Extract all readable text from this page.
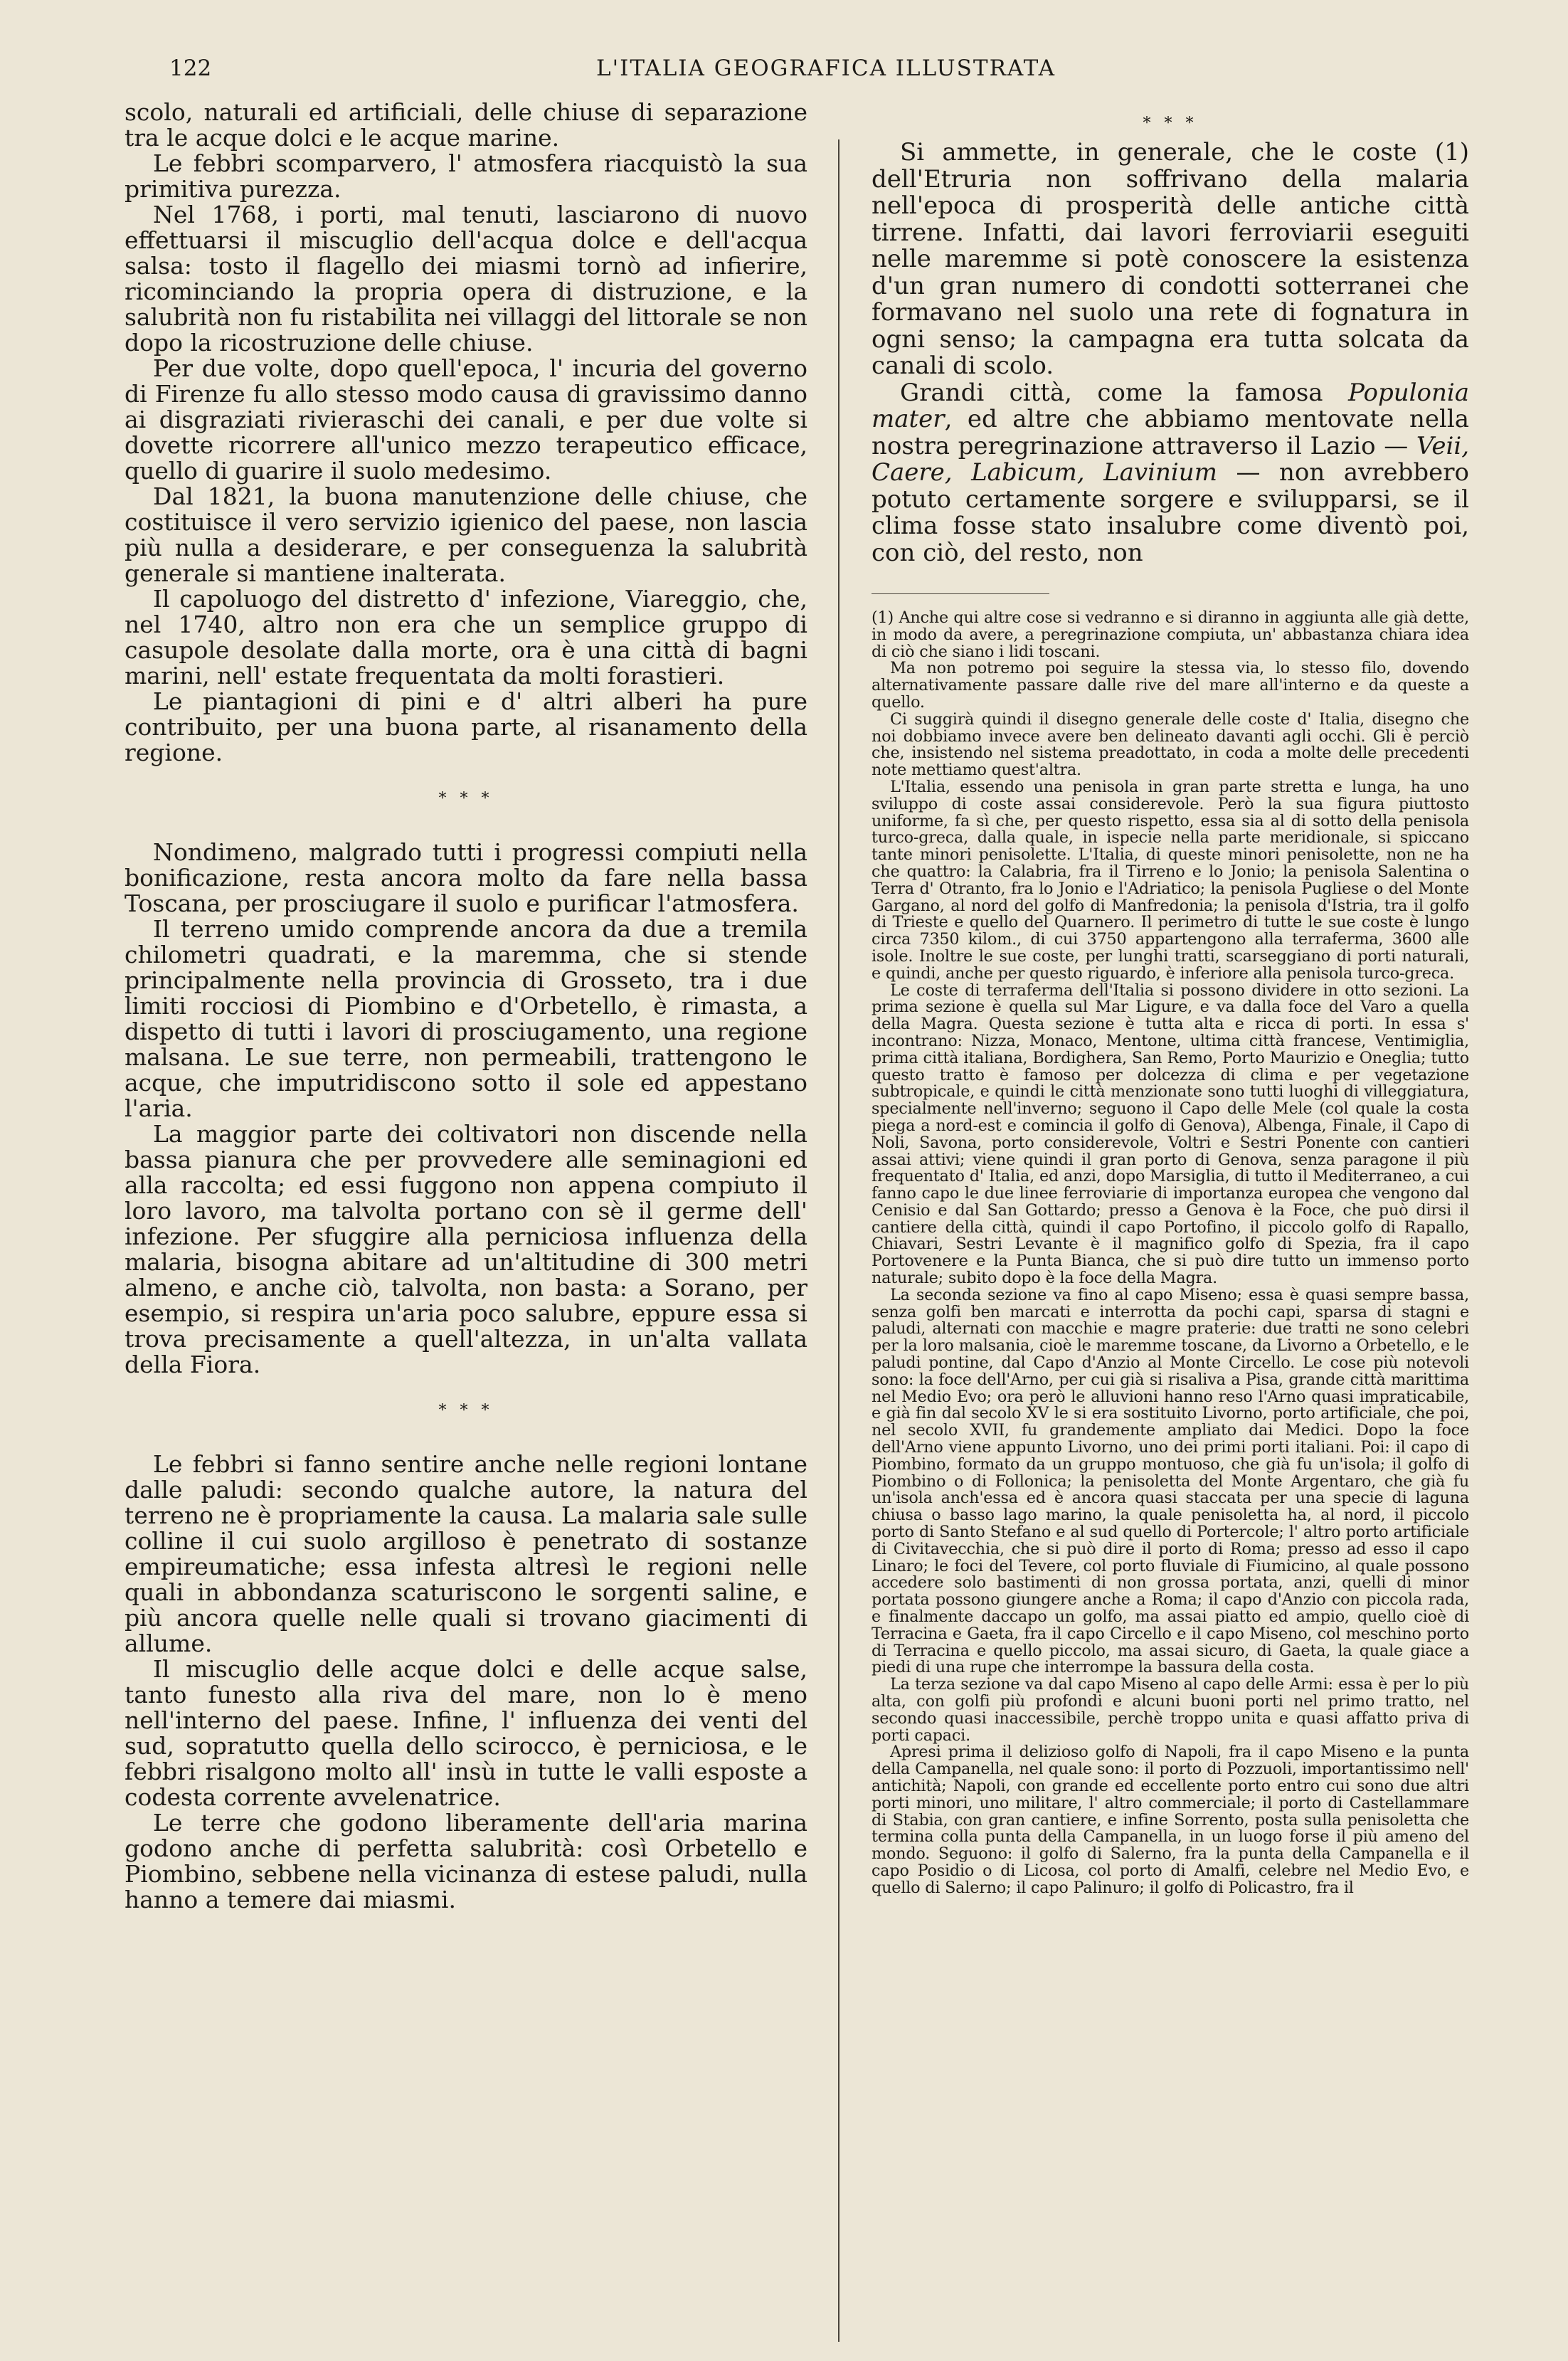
122	L'ITALIA GEOGRAFICA ILLUSTRATA

scolo, naturali ed artificiali, delle chiuse di separazione tra le acque dolci e le acque marine.

Le febbri scomparvero, l' atmosfera riacquistò la sua primitiva purezza.

Nel 1768, i porti, mal tenuti, lasciarono di nuovo effettuarsi il miscuglio dell'acqua dolce e dell'acqua salsa: tosto il flagello dei miasmi tornò ad infierire, ricominciando la propria opera di distruzione, e la salubrità non fu ristabilita nei villaggi del littorale se non dopo la ricostruzione delle chiuse.

Per due volte, dopo quell'epoca, l' incuria del governo di Firenze fu allo stesso modo causa di gravissimo danno ai disgraziati rivieraschi dei canali, e per due volte si dovette ricorrere all'unico mezzo terapeutico efficace, quello di guarire il suolo medesimo.

Dal 1821, la buona manutenzione delle chiuse, che costituisce il vero servizio igienico del paese, non lascia più nulla a desiderare, e per conseguenza la salubrità generale si mantiene inalterata.

Il capoluogo del distretto d' infezione, Viareggio, che, nel 1740, altro non era che un semplice gruppo di casupole desolate dalla morte, ora è una città di bagni marini, nell' estate frequentata da molti forastieri.

Le piantagioni di pini e d' altri alberi ha pure contribuito, per una buona parte, al risanamento della regione.

* * *

Nondimeno, malgrado tutti i progressi compiuti nella bonificazione, resta ancora molto da fare nella bassa Toscana, per prosciugare il suolo e purificar l'atmosfera.

Il terreno umido comprende ancora da due a tremila chilometri quadrati, e la maremma, che si stende principalmente nella provincia di Grosseto, tra i due limiti rocciosi di Piombino e d'Orbetello, è rimasta, a dispetto di tutti i lavori di prosciugamento, una regione malsana. Le sue terre, non permeabili, trattengono le acque, che imputridiscono sotto il sole ed appestano l'aria.

La maggior parte dei coltivatori non discende nella bassa pianura che per provvedere alle seminagioni ed alla raccolta; ed essi fuggono non appena compiuto il loro lavoro, ma talvolta portano con sè il germe dell' infezione. Per sfuggire alla perniciosa influenza della malaria, bisogna abitare ad un'altitudine di 300 metri almeno, e anche ciò, talvolta, non basta: a Sorano, per esempio, si respira un'aria poco salubre, eppure essa si trova precisamente a quell'altezza, in un'alta vallata della Fiora.

* * *

Le febbri si fanno sentire anche nelle regioni lontane dalle paludi: secondo qualche autore, la natura del terreno ne è propriamente la causa. La malaria sale sulle colline il cui suolo argilloso è penetrato di sostanze empireumatiche; essa infesta altresì le regioni nelle quali in abbondanza scaturiscono le sorgenti saline, e più ancora quelle nelle quali si trovano giacimenti di allume.

Il miscuglio delle acque dolci e delle acque salse, tanto funesto alla riva del mare, non lo è meno nell'interno del paese. Infine, l' influenza dei venti del sud, sopratutto quella dello scirocco, è perniciosa, e le febbri risalgono molto all' insù in tutte le valli esposte a codesta corrente avvelenatrice.

Le terre che godono liberamente dell'aria marina godono anche di perfetta salubrità: così Orbetello e Piombino, sebbene nella vicinanza di estese paludi, nulla hanno a temere dai miasmi.

* * *

Si ammette, in generale, che le coste (1) dell'Etruria non soffrivano della malaria nell'epoca di prosperità delle antiche città tirrene. Infatti, dai lavori ferroviarii eseguiti nelle maremme si potè conoscere la esistenza d'un gran numero di condotti sotterranei che formavano nel suolo una rete di fognatura in ogni senso; la campagna era tutta solcata da canali di scolo.

Grandi città, come la famosa Populonia mater, ed altre che abbiamo mentovate nella nostra peregrinazione attraverso il Lazio — Veii, Caere, Labicum, Lavinium — non avrebbero potuto certamente sorgere e svilupparsi, se il clima fosse stato insalubre come diventò poi, con ciò, del resto, non

(1) Anche qui altre cose si vedranno e si diranno in aggiunta alle già dette, in modo da avere, a peregrinazione compiuta, un' abbastanza chiara idea di ciò che siano i lidi toscani.

Ma non potremo poi seguire la stessa via, lo stesso filo, dovendo alternativamente passare dalle rive del mare all'interno e da queste a quello.

Ci suggirà quindi il disegno generale delle coste d' Italia, disegno che noi dobbiamo invece avere ben delineato davanti agli occhi. Gli è perciò che, insistendo nel sistema preadottato, in coda a molte delle precedenti note mettiamo quest'altra.

L'Italia, essendo una penisola in gran parte stretta e lunga, ha uno sviluppo di coste assai considerevole. Però la sua figura piuttosto uniforme, fa sì che, per questo rispetto, essa sia al di sotto della penisola turco-greca, dalla quale, in ispecie nella parte meridionale, si spiccano tante minori penisolette. L'Italia, di queste minori penisolette, non ne ha che quattro: la Calabria, fra il Tirreno e lo Jonio; la penisola Salentina o Terra d' Otranto, fra lo Jonio e l'Adriatico; la penisola Pugliese o del Monte Gargano, al nord del golfo di Manfredonia; la penisola d'Istria, tra il golfo di Trieste e quello del Quarnero. Il perimetro di tutte le sue coste è lungo circa 7350 kilom., di cui 3750 appartengono alla terraferma, 3600 alle isole. Inoltre le sue coste, per lunghi tratti, scarseggiano di porti naturali, e quindi, anche per questo riguardo, è inferiore alla penisola turco-greca.

Le coste di terraferma dell'Italia si possono dividere in otto sezioni. La prima sezione è quella sul Mar Ligure, e va dalla foce del Varo a quella della Magra. Questa sezione è tutta alta e ricca di porti. In essa s' incontrano: Nizza, Monaco, Mentone, ultima città francese, Ventimiglia, prima città italiana, Bordighera, San Remo, Porto Maurizio e Oneglia; tutto questo tratto è famoso per dolcezza di clima e per vegetazione subtropicale, e quindi le città menzionate sono tutti luoghi di villeggiatura, specialmente nell'inverno; seguono il Capo delle Mele (col quale la costa piega a nord-est e comincia il golfo di Genova), Albenga, Finale, il Capo di Noli, Savona, porto considerevole, Voltri e Sestri Ponente con cantieri assai attivi; viene quindi il gran porto di Genova, senza paragone il più frequentato d' Italia, ed anzi, dopo Marsiglia, di tutto il Mediterraneo, a cui fanno capo le due linee ferroviarie di importanza europea che vengono dal Cenisio e dal San Gottardo; presso a Genova è la Foce, che può dirsi il cantiere della città, quindi il capo Portofino, il piccolo golfo di Rapallo, Chiavari, Sestri Levante è il magnifico golfo di Spezia, fra il capo Portovenere e la Punta Bianca, che si può dire tutto un immenso porto naturale; subito dopo è la foce della Magra.

La seconda sezione va fino al capo Miseno; essa è quasi sempre bassa, senza golfi ben marcati e interrotta da pochi capi, sparsa di stagni e paludi, alternati con macchie e magre praterie: due tratti ne sono celebri per la loro malsania, cioè le maremme toscane, da Livorno a Orbetello, e le paludi pontine, dal Capo d'Anzio al Monte Circello. Le cose più notevoli sono: la foce dell'Arno, per cui già si risaliva a Pisa, grande città marittima nel Medio Evo; ora però le alluvioni hanno reso l'Arno quasi impraticabile, e già fin dal secolo XV le si era sostituito Livorno, porto artificiale, che poi, nel secolo XVII, fu grandemente ampliato dai Medici. Dopo la foce dell'Arno viene appunto Livorno, uno dei primi porti italiani. Poi: il capo di Piombino, formato da un gruppo montuoso, che già fu un'isola; il golfo di Piombino o di Follonica; la penisoletta del Monte Argentaro, che già fu un'isola anch'essa ed è ancora quasi staccata per una specie di laguna chiusa o basso lago marino, la quale penisoletta ha, al nord, il piccolo porto di Santo Stefano e al sud quello di Portercole; l' altro porto artificiale di Civitavecchia, che si può dire il porto di Roma; presso ad esso il capo Linaro; le foci del Tevere, col porto fluviale di Fiumicino, al quale possono accedere solo bastimenti di non grossa portata, anzi, quelli di minor portata possono giungere anche a Roma; il capo d'Anzio con piccola rada, e finalmente daccapo un golfo, ma assai piatto ed ampio, quello cioè di Terracina e Gaeta, fra il capo Circello e il capo Miseno, col meschino porto di Terracina e quello piccolo, ma assai sicuro, di Gaeta, la quale giace a piedi di una rupe che interrompe la bassura della costa.

La terza sezione va dal capo Miseno al capo delle Armi: essa è per lo più alta, con golfi più profondi e alcuni buoni porti nel primo tratto, nel secondo quasi inaccessibile, perchè troppo unita e quasi affatto priva di porti capaci.

Apresi prima il delizioso golfo di Napoli, fra il capo Miseno e la punta della Campanella, nel quale sono: il porto di Pozzuoli, importantissimo nell' antichità; Napoli, con grande ed eccellente porto entro cui sono due altri porti minori, uno militare, l' altro commerciale; il porto di Castellammare di Stabia, con gran cantiere, e infine Sorrento, posta sulla penisoletta che termina colla punta della Campanella, in un luogo forse il più ameno del mondo. Seguono: il golfo di Salerno, fra la punta della Campanella e il capo Posidio o di Licosa, col porto di Amalfi, celebre nel Medio Evo, e quello di Salerno; il capo Palinuro; il golfo di Policastro, fra il
